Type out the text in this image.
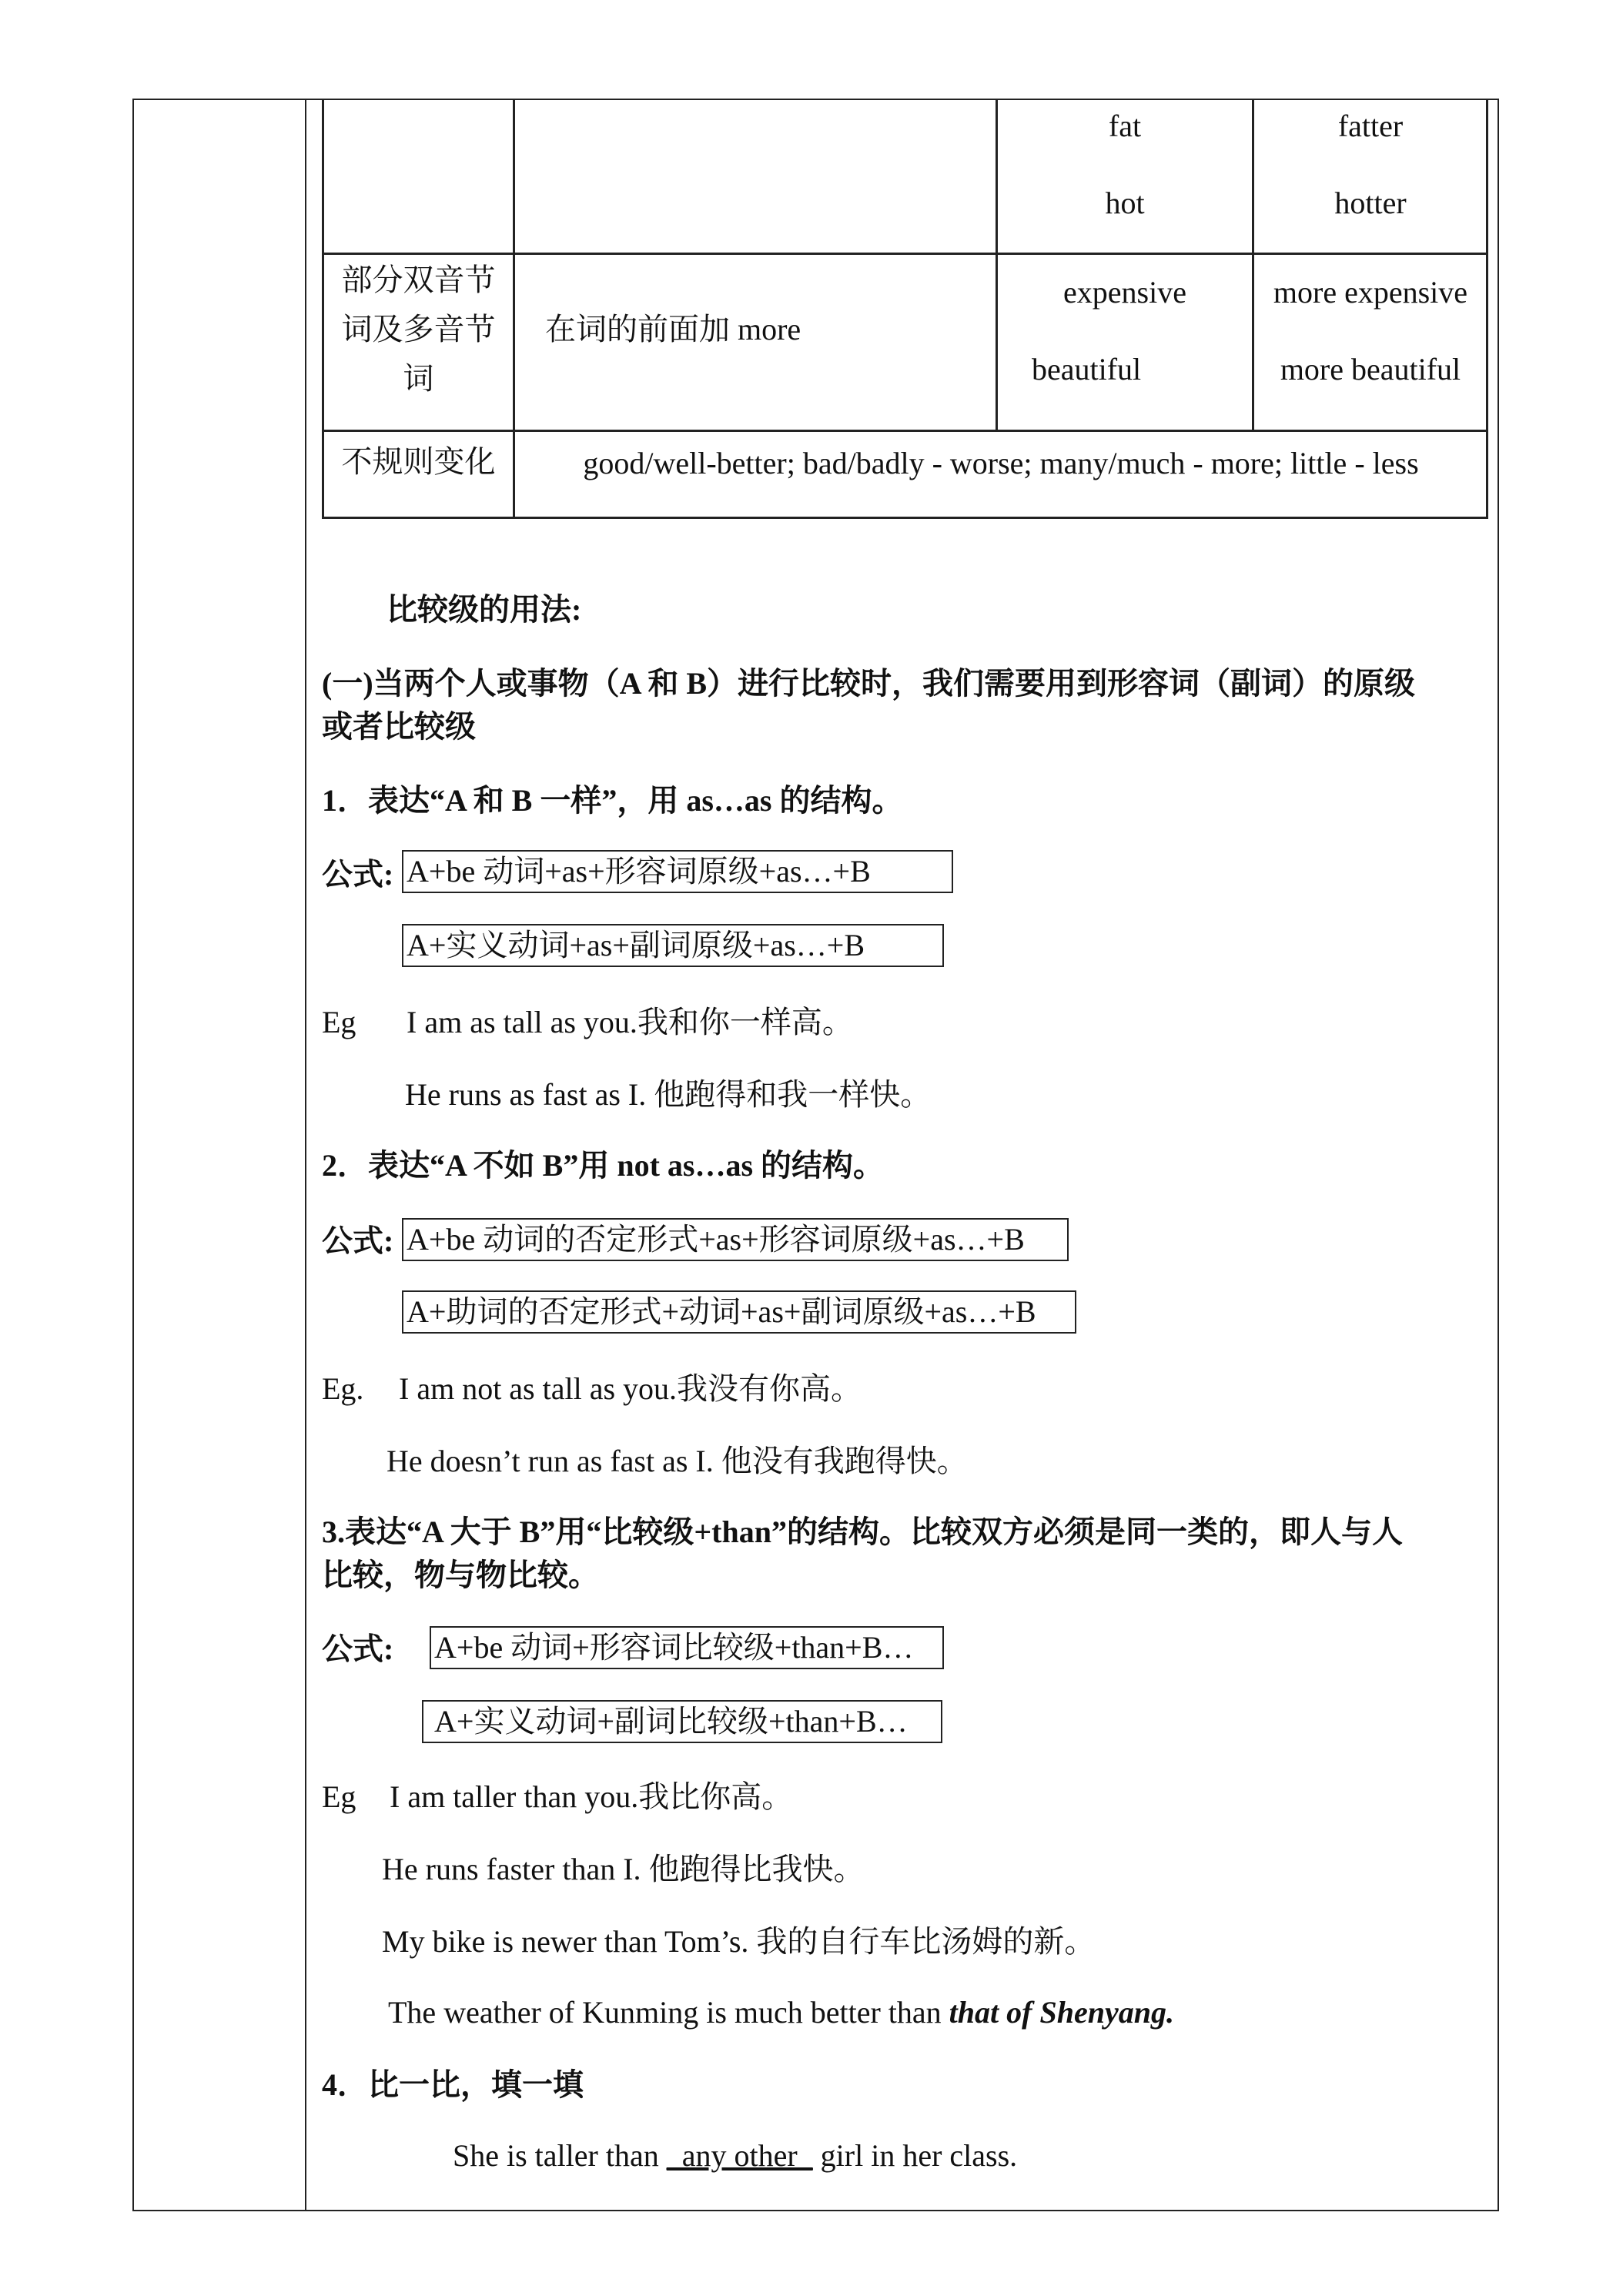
fat
hot
fatter
hotter
部分双音节
词及多音节
词
在词的前面加 more
expensive
beautiful
more expensive
more beautiful
不规则变化	good/well-better; bad/badly - worse; many/much - more; little - less
比较级的用法:
(一)当两个人或事物（A 和 B）进行比较时，我们需要用到形容词（副词）的原级
或者比较级
1．表达“A 和 B 一样”，用 as…as 的结构。
公式: A+be 动词+as+形容词原级+as…+B
A+实义动词+as+副词原级+as…+B
Eg I am as tall as you.我和你一样高。
He runs as fast as I. 他跑得和我一样快。
2．表达“A 不如 B”用 not as…as 的结构。
公式: A+be 动词的否定形式+as+形容词原级+as…+B
A+助词的否定形式+动词+as+副词原级+as…+B
Eg. I am not as tall as you.我没有你高。
He doesn’t run as fast as I. 他没有我跑得快。
3.表达“A 大于 B”用“比较级+than”的结构。比较双方必须是同一类的，即人与人
比较，物与物比较。
公式: A+be 动词+形容词比较级+than+B…
A+实义动词+副词比较级+than+B…
Eg I am taller than you.我比你高。
He runs faster than I. 他跑得比我快。
My bike is newer than Tom’s. 我的自行车比汤姆的新。
The weather of Kunming is much better than that of Shenyang.
4．比一比，填一填
She is taller than _any other_ girl in her class.
